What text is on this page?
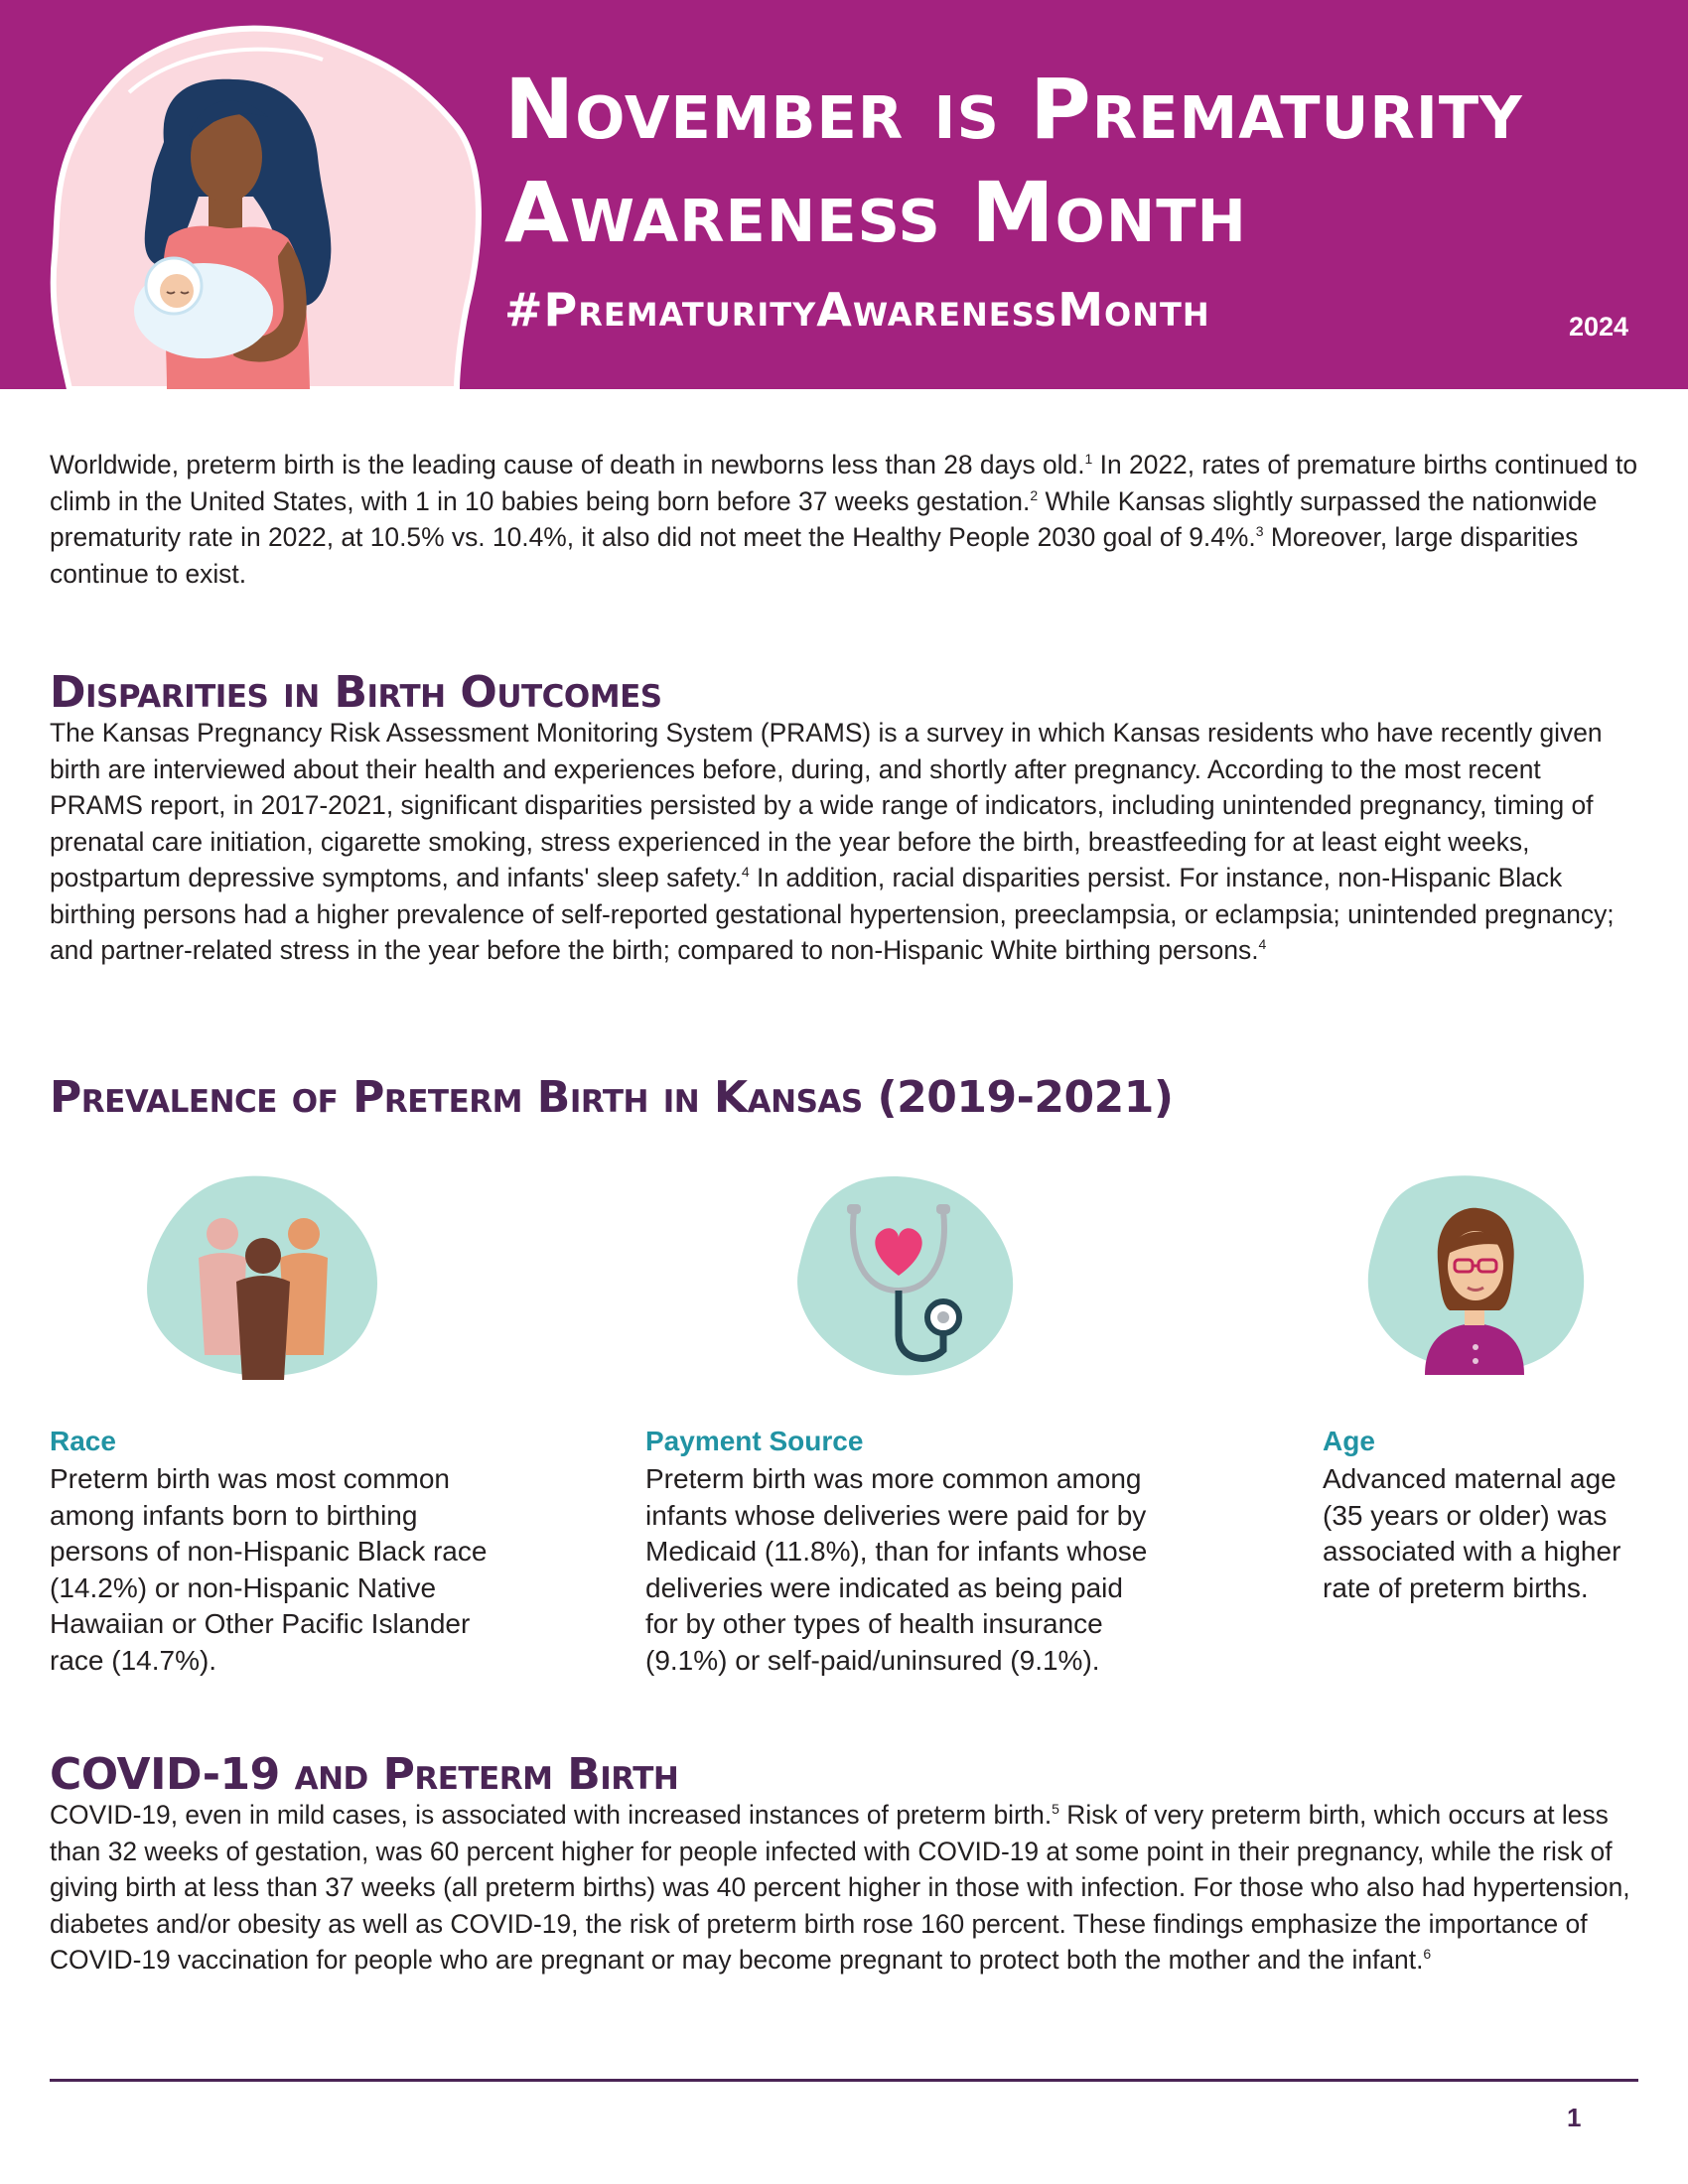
November is Prematurity
Awareness Month
#PrematurityAwarenessMonth	2024

Worldwide, preterm birth is the leading cause of death in newborns less than 28 days old.$^1$ In 2022, rates of premature births continued to climb in the United States, with 1 in 10 babies being born before 37 weeks gestation.$^2$ While Kansas slightly surpassed the nationwide prematurity rate in 2022, at 10.5% vs. 10.4%, it also did not meet the Healthy People 2030 goal of 9.4%.$^3$ Moreover, large disparities continue to exist.

Disparities in Birth Outcomes

The Kansas Pregnancy Risk Assessment Monitoring System (PRAMS) is a survey in which Kansas residents who have recently given birth are interviewed about their health and experiences before, during, and shortly after pregnancy. According to the most recent PRAMS report, in 2017-2021, significant disparities persisted by a wide range of indicators, including unintended pregnancy, timing of prenatal care initiation, cigarette smoking, stress experienced in the year before the birth, breastfeeding for at least eight weeks, postpartum depressive symptoms, and infants' sleep safety.$^4$ In addition, racial disparities persist. For instance, non-Hispanic Black birthing persons had a higher prevalence of self-reported gestational hypertension, preeclampsia, or eclampsia; unintended pregnancy; and partner-related stress in the year before the birth; compared to non-Hispanic White birthing persons.$^4$

Prevalence of Preterm Birth in Kansas (2019-2021)
Race

Preterm birth was most common
among infants born to birthing
persons of non-Hispanic Black race
(14.2%) or non-Hispanic Native
Hawaiian or Other Pacific Islander
race (14.7%).

Payment Source

Preterm birth was more common among
infants whose deliveries were paid for by
Medicaid (11.8%), than for infants whose
deliveries were indicated as being paid
for by other types of health insurance
(9.1%) or self-paid/uninsured (9.1%).

Age

Advanced maternal age
(35 years or older) was
associated with a higher
rate of preterm births.

COVID-19 and Preterm Birth

COVID-19, even in mild cases, is associated with increased instances of preterm birth.$^5$ Risk of very preterm birth, which occurs at less than 32 weeks of gestation, was 60 percent higher for people infected with COVID-19 at some point in their pregnancy, while the risk of giving birth at less than 37 weeks (all preterm births) was 40 percent higher in those with infection. For those who also had hypertension, diabetes and/or obesity as well as COVID-19, the risk of preterm birth rose 160 percent. These findings emphasize the importance of COVID-19 vaccination for people who are pregnant or may become pregnant to protect both the mother and the infant.$^6$

1
